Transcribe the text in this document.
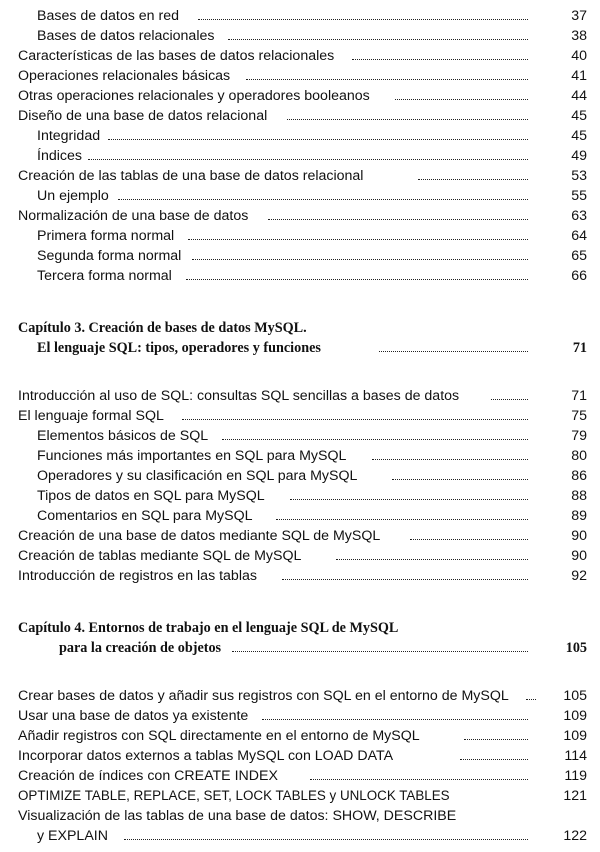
Bases de datos en red	37
Bases de datos relacionales	38
Características de las bases de datos relacionales	40
Operaciones relacionales básicas	41
Otras operaciones relacionales y operadores booleanos	44
Diseño de una base de datos relacional	45
Integridad	45
Índices	49
Creación de las tablas de una base de datos relacional	53
Un ejemplo	55
Normalización de una base de datos	63
Primera forma normal	64
Segunda forma normal	65
Tercera forma normal	66
Capítulo 3. Creación de bases de datos MySQL.
El lenguaje SQL: tipos, operadores y funciones	71
Introducción al uso de SQL: consultas SQL sencillas a bases de datos	71
El lenguaje formal SQL	75
Elementos básicos de SQL	79
Funciones más importantes en SQL para MySQL	80
Operadores y su clasificación en SQL para MySQL	86
Tipos de datos en SQL para MySQL	88
Comentarios en SQL para MySQL	89
Creación de una base de datos mediante SQL de MySQL	90
Creación de tablas mediante SQL de MySQL	90
Introducción de registros en las tablas	92
Capítulo 4. Entornos de trabajo en el lenguaje SQL de MySQL
para la creación de objetos	105
Crear bases de datos y añadir sus registros con SQL en el entorno de MySQL	105
Usar una base de datos ya existente	109
Añadir registros con SQL directamente en el entorno de MySQL	109
Incorporar datos externos a tablas MySQL con LOAD DATA	114
Creación de índices con CREATE INDEX	119
OPTIMIZE TABLE, REPLACE, SET, LOCK TABLES y UNLOCK TABLES	121
Visualización de las tablas de una base de datos: SHOW, DESCRIBE
y EXPLAIN	122
